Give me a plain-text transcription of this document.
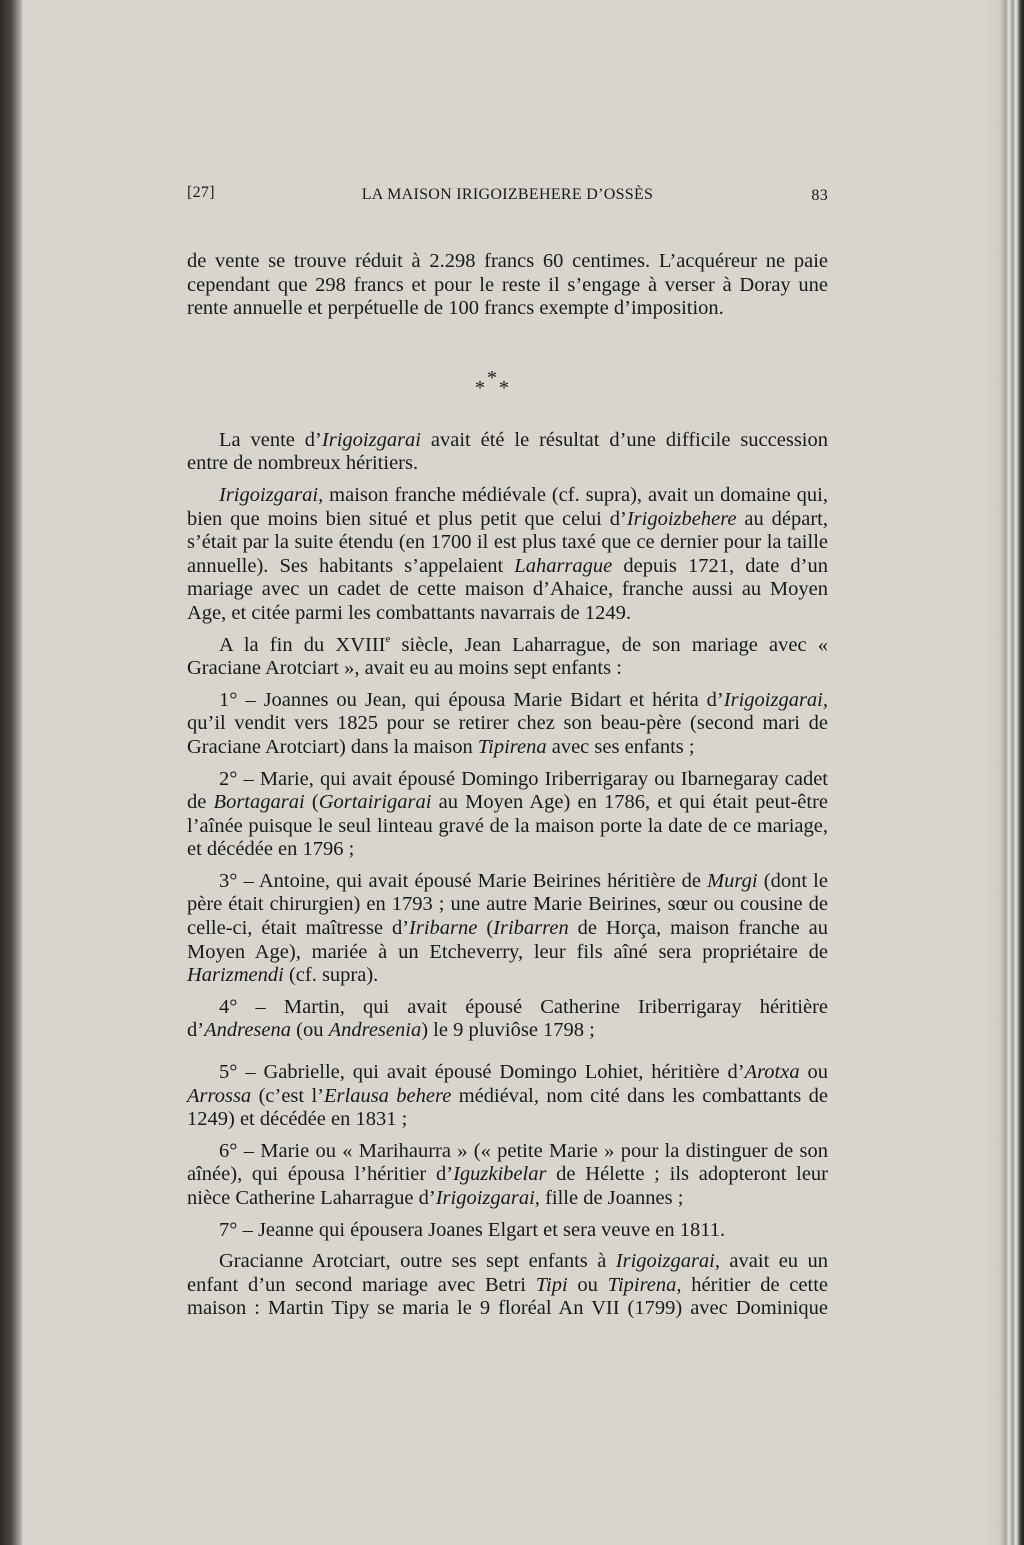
[27]	LA MAISON IRIGOIZBEHERE D’OSSÈS	83

de vente se trouve réduit à 2.298 francs 60 centimes. L’acquéreur ne paie cependant que 298 francs et pour le reste il s’engage à verser à Doray une rente annuelle et perpétuelle de 100 francs exempte d’imposition.

*
* *

La vente d’Irigoizgarai avait été le résultat d’une difficile succession entre de nombreux héritiers.

Irigoizgarai, maison franche médiévale (cf. supra), avait un domaine qui, bien que moins bien situé et plus petit que celui d’Irigoizbehere au départ, s’était par la suite étendu (en 1700 il est plus taxé que ce dernier pour la taille annuelle). Ses habitants s’appelaient Laharrague depuis 1721, date d’un mariage avec un cadet de cette maison d’Ahaice, franche aussi au Moyen Age, et citée parmi les combattants navarrais de 1249.

A la fin du XVIIIe siècle, Jean Laharrague, de son mariage avec « Graciane Arotciart », avait eu au moins sept enfants :

1° – Joannes ou Jean, qui épousa Marie Bidart et hérita d’Irigoizgarai, qu’il vendit vers 1825 pour se retirer chez son beau-père (second mari de Graciane Arotciart) dans la maison Tipirena avec ses enfants ;

2° – Marie, qui avait épousé Domingo Iriberrigaray ou Ibarnegaray cadet de Bortagarai (Gortairigarai au Moyen Age) en 1786, et qui était peut-être l’aînée puisque le seul linteau gravé de la maison porte la date de ce mariage, et décédée en 1796 ;

3° – Antoine, qui avait épousé Marie Beirines héritière de Murgi (dont le père était chirurgien) en 1793 ; une autre Marie Beirines, sœur ou cousine de celle-ci, était maîtresse d’Iribarne (Iribarren de Horça, maison franche au Moyen Age), mariée à un Etcheverry, leur fils aîné sera propriétaire de Harizmendi (cf. supra).

4° – Martin, qui avait épousé Catherine Iriberrigaray héritière d’Andresena (ou Andresenia) le 9 pluviôse 1798 ;

5° – Gabrielle, qui avait épousé Domingo Lohiet, héritière d’Arotxa ou Arrossa (c’est l’Erlausa behere médiéval, nom cité dans les combattants de 1249) et décédée en 1831 ;

6° – Marie ou « Marihaurra » (« petite Marie » pour la distinguer de son aînée), qui épousa l’héritier d’Iguzkibelar de Hélette ; ils adopteront leur nièce Catherine Laharrague d’Irigoizgarai, fille de Joannes ;

7° – Jeanne qui épousera Joanes Elgart et sera veuve en 1811.

Gracianne Arotciart, outre ses sept enfants à Irigoizgarai, avait eu un enfant d’un second mariage avec Betri Tipi ou Tipirena, héritier de cette maison : Martin Tipy se maria le 9 floréal An VII (1799) avec Dominique
